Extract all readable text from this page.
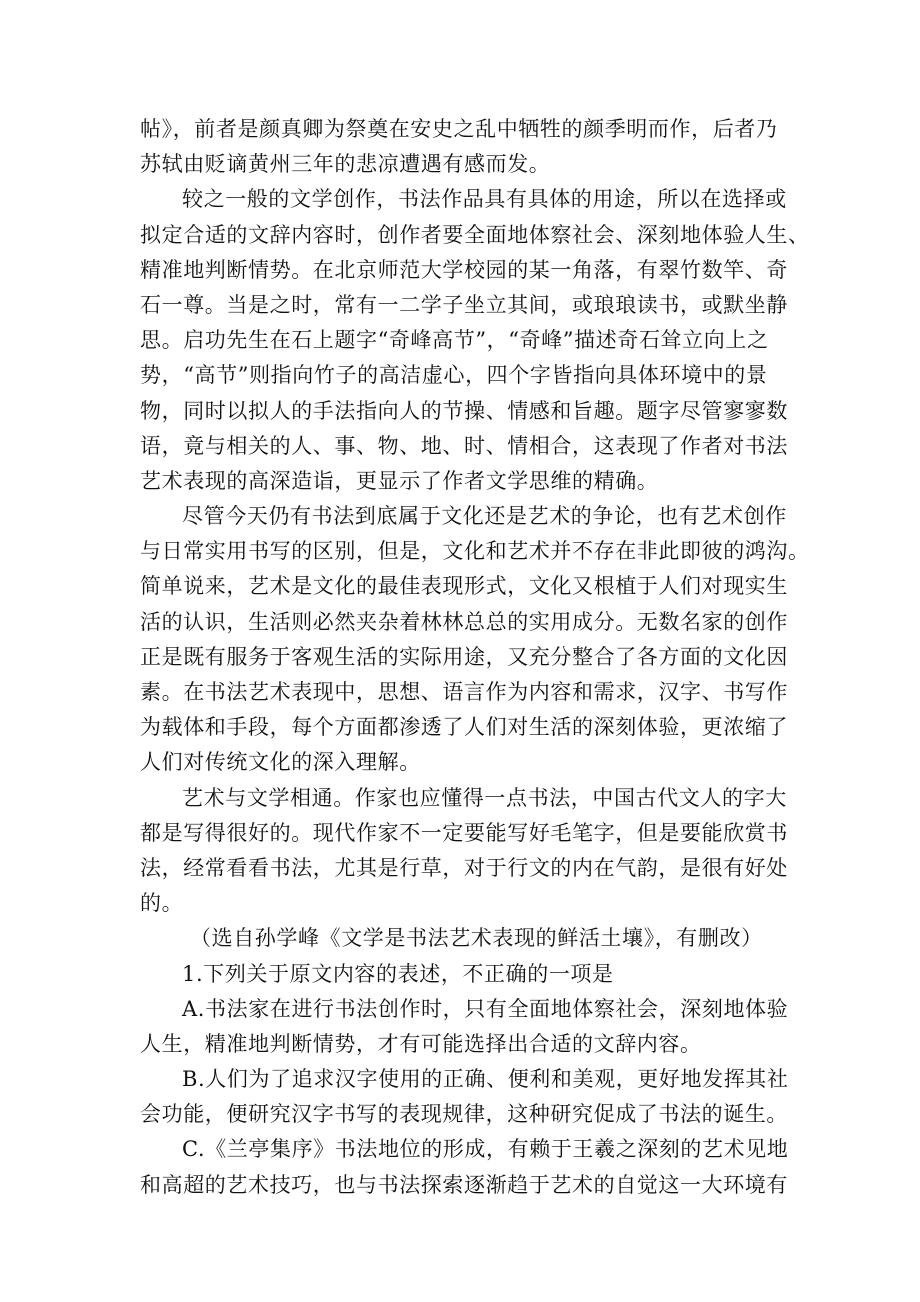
帖》，前者是颜真卿为祭奠在安史之乱中牺牲的颜季明而作，后者乃
苏轼由贬谪黄州三年的悲凉遭遇有感而发。
较之一般的文学创作，书法作品具有具体的用途，所以在选择或
拟定合适的文辞内容时，创作者要全面地体察社会、深刻地体验人生、
精准地判断情势。在北京师范大学校园的某一角落，有翠竹数竿、奇
石一尊。当是之时，常有一二学子坐立其间，或琅琅读书，或默坐静
思。启功先生在石上题字“奇峰高节”，“奇峰”描述奇石耸立向上之
势，“高节”则指向竹子的高洁虚心，四个字皆指向具体环境中的景
物，同时以拟人的手法指向人的节操、情感和旨趣。题字尽管寥寥数
语，竟与相关的人、事、物、地、时、情相合，这表现了作者对书法
艺术表现的高深造诣，更显示了作者文学思维的精确。
尽管今天仍有书法到底属于文化还是艺术的争论，也有艺术创作
与日常实用书写的区别，但是，文化和艺术并不存在非此即彼的鸿沟。
简单说来，艺术是文化的最佳表现形式，文化又根植于人们对现实生
活的认识，生活则必然夹杂着林林总总的实用成分。无数名家的创作
正是既有服务于客观生活的实际用途，又充分整合了各方面的文化因
素。在书法艺术表现中，思想、语言作为内容和需求，汉字、书写作
为载体和手段，每个方面都渗透了人们对生活的深刻体验，更浓缩了
人们对传统文化的深入理解。
艺术与文学相通。作家也应懂得一点书法，中国古代文人的字大
都是写得很好的。现代作家不一定要能写好毛笔字，但是要能欣赏书
法，经常看看书法，尤其是行草，对于行文的内在气韵，是很有好处
的。
（选自孙学峰《文学是书法艺术表现的鲜活土壤》，有删改）
1.下列关于原文内容的表述，不正确的一项是
A.书法家在进行书法创作时，只有全面地体察社会，深刻地体验
人生，精准地判断情势，才有可能选择出合适的文辞内容。
B.人们为了追求汉字使用的正确、便利和美观，更好地发挥其社
会功能，便研究汉字书写的表现规律，这种研究促成了书法的诞生。
C.《兰亭集序》书法地位的形成，有赖于王羲之深刻的艺术见地
和高超的艺术技巧，也与书法探索逐渐趋于艺术的自觉这一大环境有
